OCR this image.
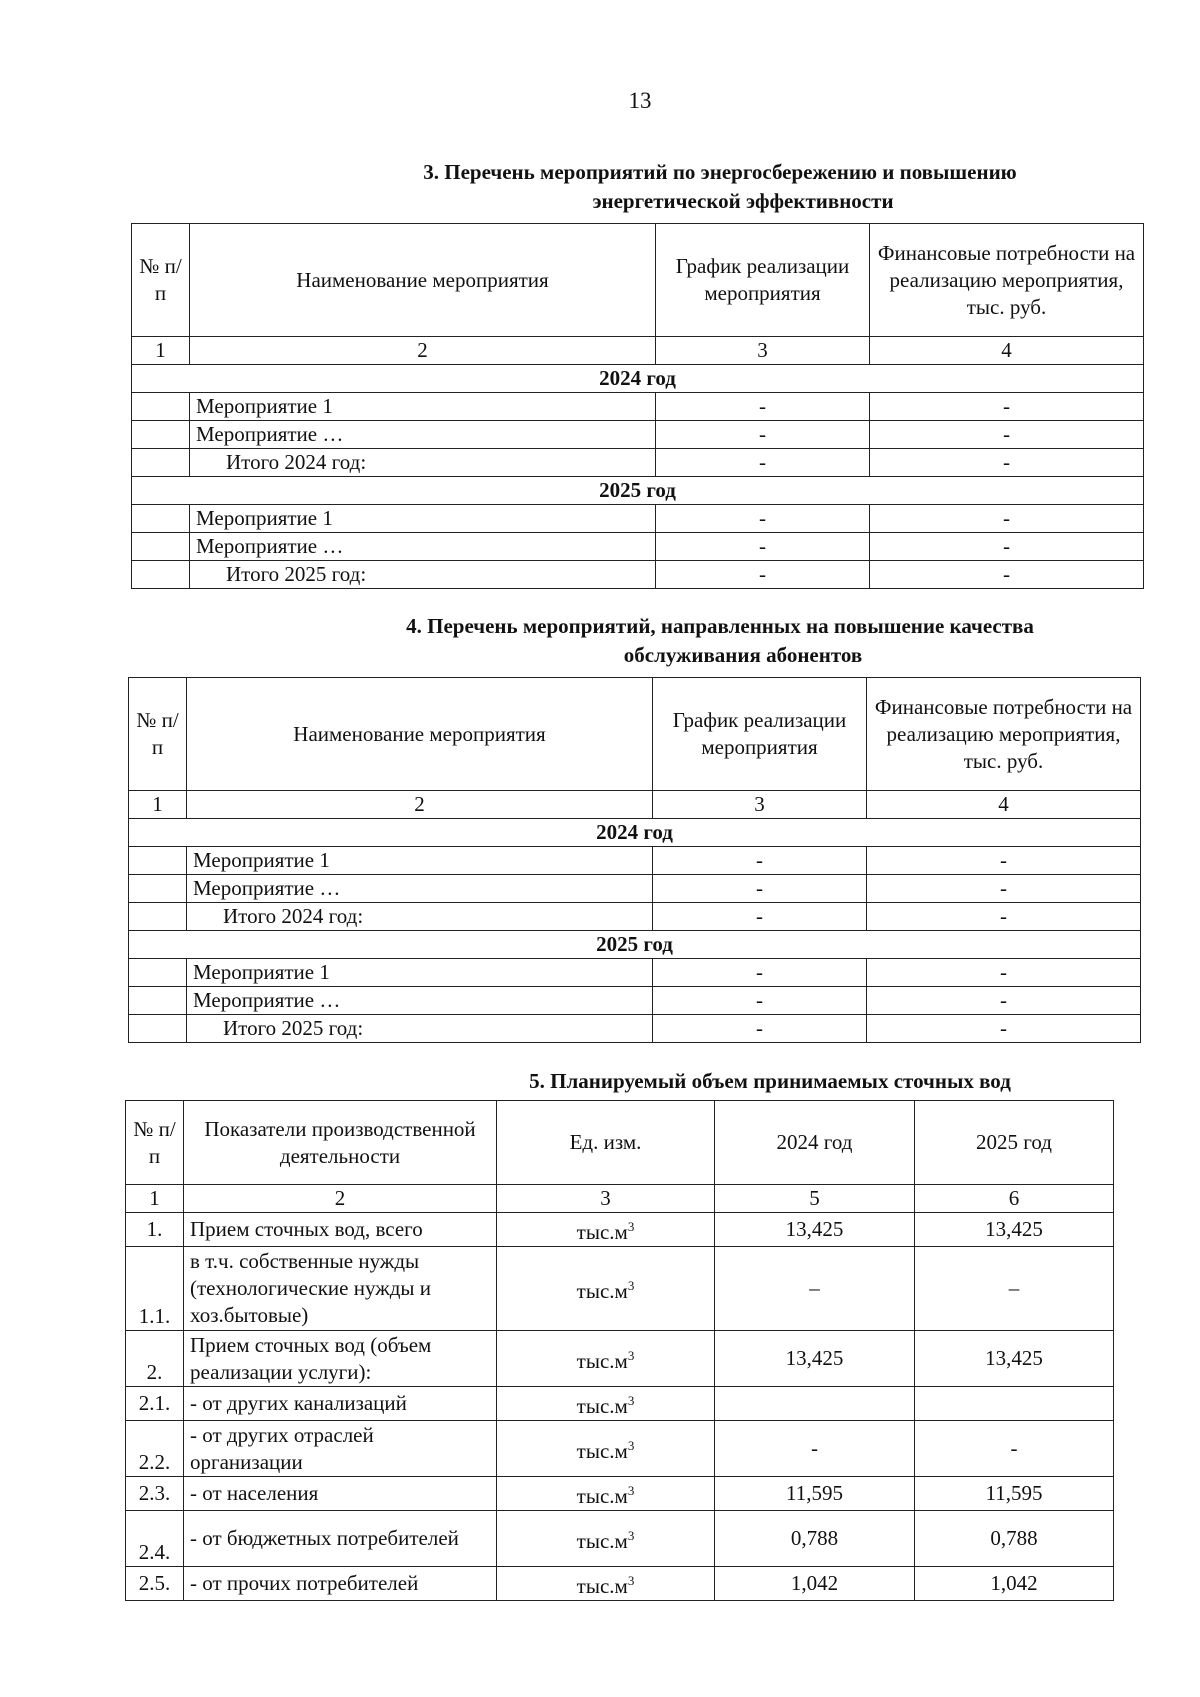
13
3. Перечень мероприятий по энергосбережению и повышению
энергетической эффективности
№ п/п	Наименование мероприятия	График реализации мероприятия	Финансовые потребности на реализацию мероприятия, тыс. руб.
1	2	3	4
2024 год			
	Мероприятие 1	-	-
	Мероприятие …	-	-
	Итого 2024 год:	-	-
2025 год			
	Мероприятие 1	-	-
	Мероприятие …	-	-
	Итого 2025 год:	-	-
4. Перечень мероприятий, направленных на повышение качества
обслуживания абонентов
№ п/п	Наименование мероприятия	График реализации мероприятия	Финансовые потребности на реализацию мероприятия, тыс. руб.
1	2	3	4
2024 год			
	Мероприятие 1	-	-
	Мероприятие …	-	-
	Итого 2024 год:	-	-
2025 год			
	Мероприятие 1	-	-
	Мероприятие …	-	-
	Итого 2025 год:	-	-
5. Планируемый объем принимаемых сточных вод
№ п/п	Показатели производственной деятельности	Ед. изм.	2024 год	2025 год
1	2	3	5	6
1.	Прием сточных вод, всего	$тыс.м^3$	13,425	13,425
1.1.	в т.ч. собственные нужды (технологические нужды и хоз.бытовые)	$тыс.м^3$	–	–
2.	Прием сточных вод (объем реализации услуги):	$тыс.м^3$	13,425	13,425
2.1.	- от других канализаций	$тыс.м^3$		
2.2.	- от других отраслей организации	$тыс.м^3$	-	-
2.3.	- от населения	$тыс.м^3$	11,595	11,595
2.4.	- от бюджетных потребителей	$тыс.м^3$	0,788	0,788
2.5.	- от прочих потребителей	$тыс.м^3$	1,042	1,042
